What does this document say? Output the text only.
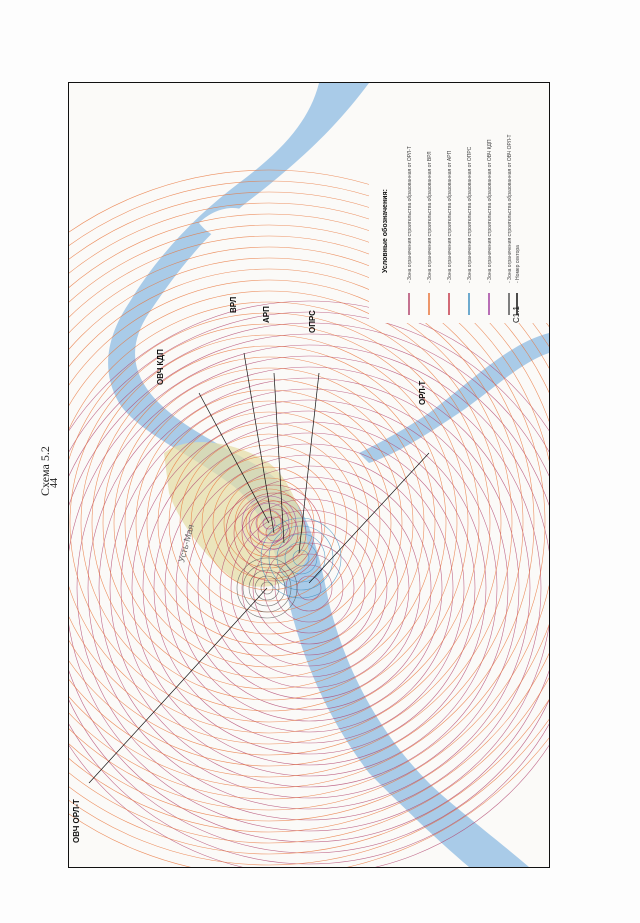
44
Схема 5.2
ОВЧ КДП
ВРЛ
АРП	ОПРС
ОРЛ-Т
ОВЧ ОРЛ-Т
Усть-Мая
Условные обозначения:	- Зона ограничения строительства образованная от ОРЛ-Т	- Зона ограничения строительства образованная от ВРЛ	- Зона ограничения строительства образованная от АРП	- Зона ограничения строительства образованная от ОПРС	- Зона ограничения строительства образованная от ОВЧ КДП	- Зона ограничения строительства образованная от ОВЧ ОРЛ-Т - Номер сектора
С1.1
